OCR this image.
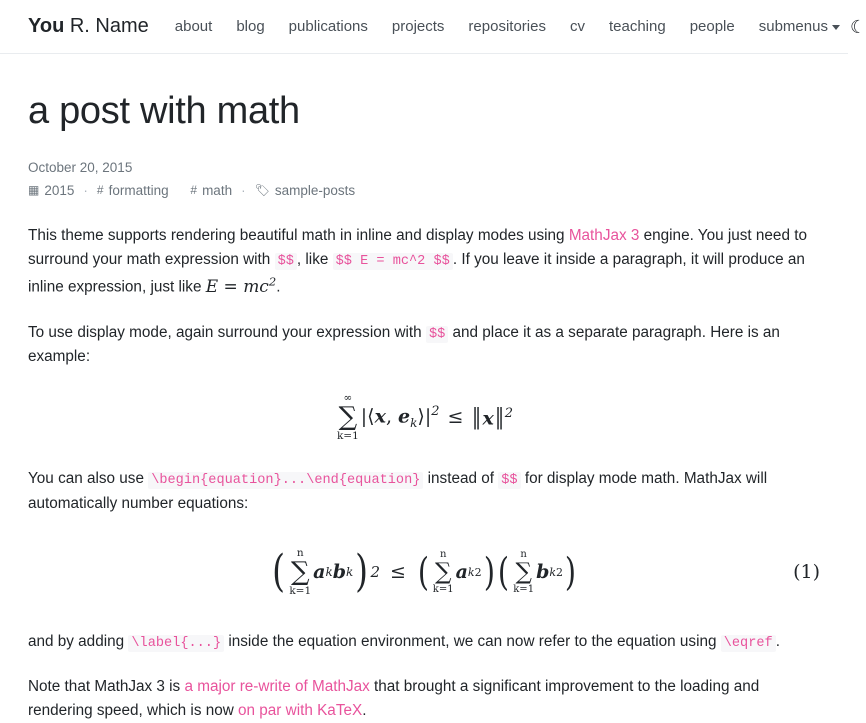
You R. Name about blog publications projects repositories cv teaching people submenus	☾
a post with math
October 20, 2015
▦ 2015 · # formatting
# math · 🏷 sample-posts

This theme supports rendering beautiful math in inline and display modes using MathJax 3 engine. You just need to surround your math expression with $$ , like $$ E = mc^2 $$ . If you leave it inside a paragraph, it will produce an inline expression, just like $E = mc^2$.

To use display mode, again surround your expression with $$ and place it as a separate paragraph. Here is an example:

∞
∑
k=1
|⟨x, $e_k⟩|^2$ ≤ ‖x‖$^2$

You can also use \begin{equation}...\end{equation} instead of $$ for display mode math. MathJax will automatically number equations:

( n
∑
k=1
a k b k ) 2 ≤ ( n
∑
k=1
a k 2 ) ( n
∑
k=1
b k 2 )	(1)

and by adding \label{...} inside the equation environment, we can now refer to the equation using \eqref .

Note that MathJax 3 is a major re-write of MathJax that brought a significant improvement to the loading and rendering speed, which is now on par with KaTeX.
